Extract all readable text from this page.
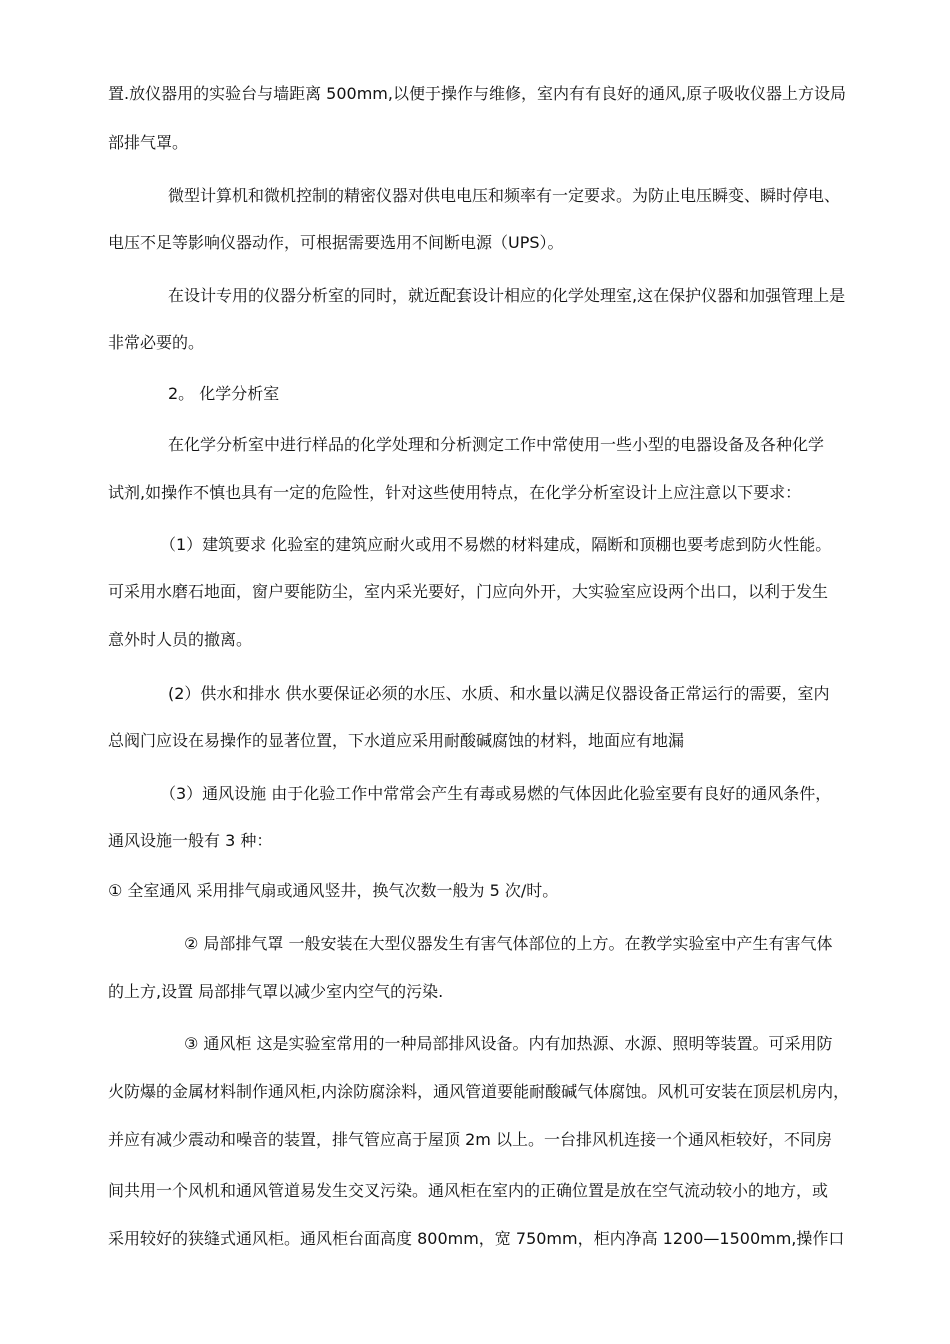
置.放仪器用的实验台与墙距离 500mm,以便于操作与维修，室内有有良好的通风,原子吸收仪器上方设局
部排气罩。
微型计算机和微机控制的精密仪器对供电电压和频率有一定要求。为防止电压瞬变、瞬时停电、
电压不足等影响仪器动作，可根据需要选用不间断电源（UPS）。
在设计专用的仪器分析室的同时，就近配套设计相应的化学处理室,这在保护仪器和加强管理上是
非常必要的。
2。 化学分析室
在化学分析室中进行样品的化学处理和分析测定工作中常使用一些小型的电器设备及各种化学
试剂,如操作不慎也具有一定的危险性，针对这些使用特点，在化学分析室设计上应注意以下要求：
（1）建筑要求 化验室的建筑应耐火或用不易燃的材料建成，隔断和顶棚也要考虑到防火性能。
可采用水磨石地面，窗户要能防尘，室内采光要好，门应向外开，大实验室应设两个出口，以利于发生
意外时人员的撤离。
(2）供水和排水 供水要保证必须的水压、水质、和水量以满足仪器设备正常运行的需要，室内
总阀门应设在易操作的显著位置，下水道应采用耐酸碱腐蚀的材料，地面应有地漏
（3）通风设施 由于化验工作中常常会产生有毒或易燃的气体因此化验室要有良好的通风条件，
通风设施一般有 3 种：
① 全室通风 采用排气扇或通风竖井，换气次数一般为 5 次/时。
② 局部排气罩 一般安装在大型仪器发生有害气体部位的上方。在教学实验室中产生有害气体
的上方,设置 局部排气罩以减少室内空气的污染.
③ 通风柜 这是实验室常用的一种局部排风设备。内有加热源、水源、照明等装置。可采用防
火防爆的金属材料制作通风柜,内涂防腐涂料，通风管道要能耐酸碱气体腐蚀。风机可安装在顶层机房内，
并应有减少震动和噪音的装置，排气管应高于屋顶 2m 以上。一台排风机连接一个通风柜较好，不同房
间共用一个风机和通风管道易发生交叉污染。通风柜在室内的正确位置是放在空气流动较小的地方，或
采用较好的狭缝式通风柜。通风柜台面高度 800mm，宽 750mm，柜内净高 1200—1500mm,操作口
